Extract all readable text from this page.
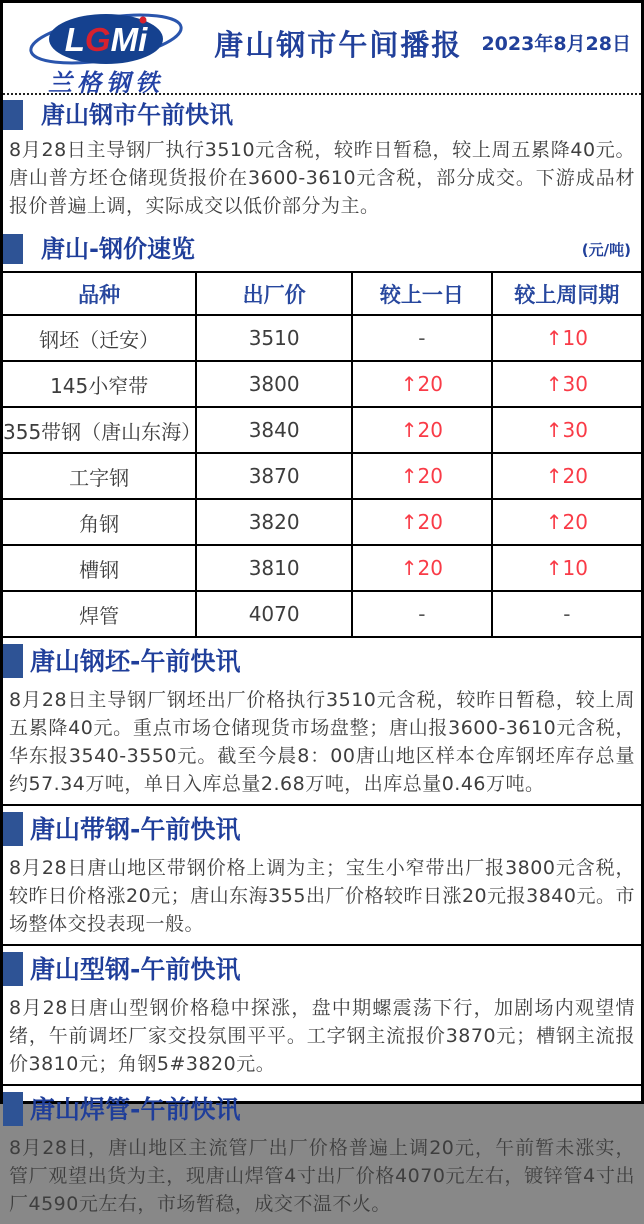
LGMi
兰格钢铁
唐山钢市午间播报 2023年8月28日
唐山钢市午前快讯

8月28日主导钢厂执行3510元含税，较昨日暂稳，较上周五累降40元。唐山普方坯仓储现货报价在3600-3610元含税，部分成交。下游成品材报价普遍上调，实际成交以低价部分为主。

唐山-钢价速览	(元/吨)
品种	出厂价	较上一日	较上周同期
钢坯（迁安）	3510	-	↑10
145小窄带	3800	↑20	↑30
355带钢（唐山东海）	3840	↑20	↑30
工字钢	3870	↑20	↑20
角钢	3820	↑20	↑20
槽钢	3810	↑20	↑10
焊管	4070	-	-
唐山钢坯-午前快讯

8月28日主导钢厂钢坯出厂价格执行3510元含税，较昨日暂稳，较上周五累降40元。重点市场仓储现货市场盘整；唐山报3600-3610元含税，华东报3540-3550元。截至今晨8：00唐山地区样本仓库钢坯库存总量约57.34万吨，单日入库总量2.68万吨，出库总量0.46万吨。

唐山带钢-午前快讯

8月28日唐山地区带钢价格上调为主；宝生小窄带出厂报3800元含税，较昨日价格涨20元；唐山东海355出厂价格较昨日涨20元报3840元。市场整体交投表现一般。

唐山型钢-午前快讯

8月28日唐山型钢价格稳中探涨，盘中期螺震荡下行，加剧场内观望情绪，午前调坯厂家交投氛围平平。工字钢主流报价3870元；槽钢主流报价3810元；角钢5#3820元。

唐山焊管-午前快讯

8月28日，唐山地区主流管厂出厂价格普遍上调20元，午前暂未涨实，管厂观望出货为主，现唐山焊管4寸出厂价格4070元左右，镀锌管4寸出厂4590元左右，市场暂稳，成交不温不火。
